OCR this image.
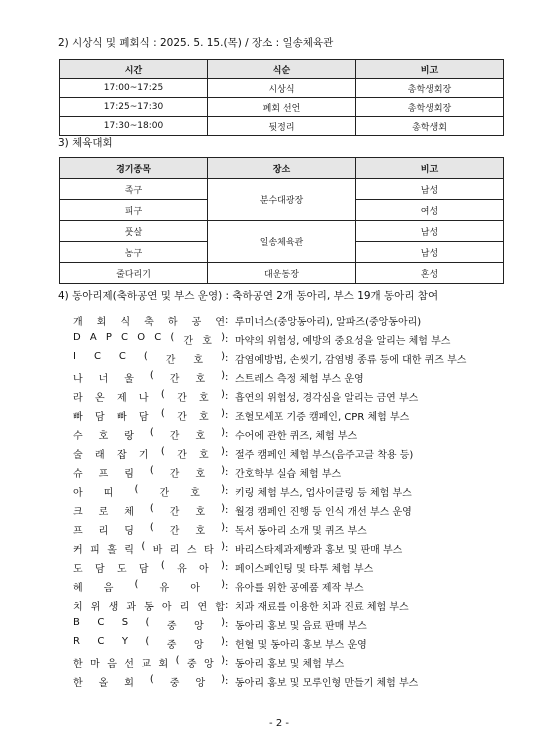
2) 시상식 및 폐회식 : 2025. 5. 15.(목) / 장소 : 일송체육관
시간	식순	비고
17:00~17:25	시상식	총학생회장
17:25~17:30	폐회 선언	총학생회장
17:30~18:00	뒷정리	총학생회
3) 체육대회
경기종목	장소	비고
족구	분수대광장	남성
피구		여성
풋살	일송체육관	남성
농구		남성
줄다리기	대운동장	혼성
4) 동아리제(축하공연 및 부스 운영) : 축하공연 2개 동아리, 부스 19개 동아리 참여
개 회 식 축 하 공 연 : 루미너스(중앙동아리), 알파즈(중앙동아리)
D A P C O C ( 간 호 ) : 마약의 위험성, 예방의 중요성을 알리는 체험 부스
I C C ( 간 호 ) : 감염예방법, 손씻기, 감염병 종류 등에 대한 퀴즈 부스
나 너 울 ( 간 호 ) : 스트레스 측정 체험 부스 운영
라 온 제 나 ( 간 호 ) : 흡연의 위험성, 경각심을 알리는 금연 부스
빠 담 빠 담 ( 간 호 ) : 조혈모세포 기증 캠페인, CPR 체험 부스
수 호 랑 ( 간 호 ) : 수어에 관한 퀴즈, 체험 부스
술 래 잡 기 ( 간 호 ) : 절주 캠페인 체험 부스(음주고글 착용 등)
슈 프 림 ( 간 호 ) : 간호학부 실습 체험 부스
아 띠 ( 간 호 ) : 키링 체험 부스, 업사이클링 등 체험 부스
크 로 체 ( 간 호 ) : 월경 캠페인 진행 등 인식 개선 부스 운영
프 리 딩 ( 간 호 ) : 독서 동아리 소개 및 퀴즈 부스
커 피 홀 릭 ( 바 리 스 타 ) : 바리스타제과제빵과 홍보 및 판매 부스
도 담 도 담 ( 유 아 ) : 페이스페인팅 및 타투 체험 부스
혜 음 ( 유 아 ) : 유아를 위한 공예품 제작 부스
치 위 생 과 동 아 리 연 합 : 치과 재료를 이용한 치과 진료 체험 부스
B C S ( 중 앙 ) : 동아리 홍보 및 음료 판매 부스
R C Y ( 중 앙 ) : 헌혈 및 동아리 홍보 부스 운영
한 마 음 선 교 회 ( 중 앙 ) : 동아리 홍보 및 체험 부스
한 올 회 ( 중 앙 ) : 동아리 홍보 및 모루인형 만들기 체험 부스
- 2 -
